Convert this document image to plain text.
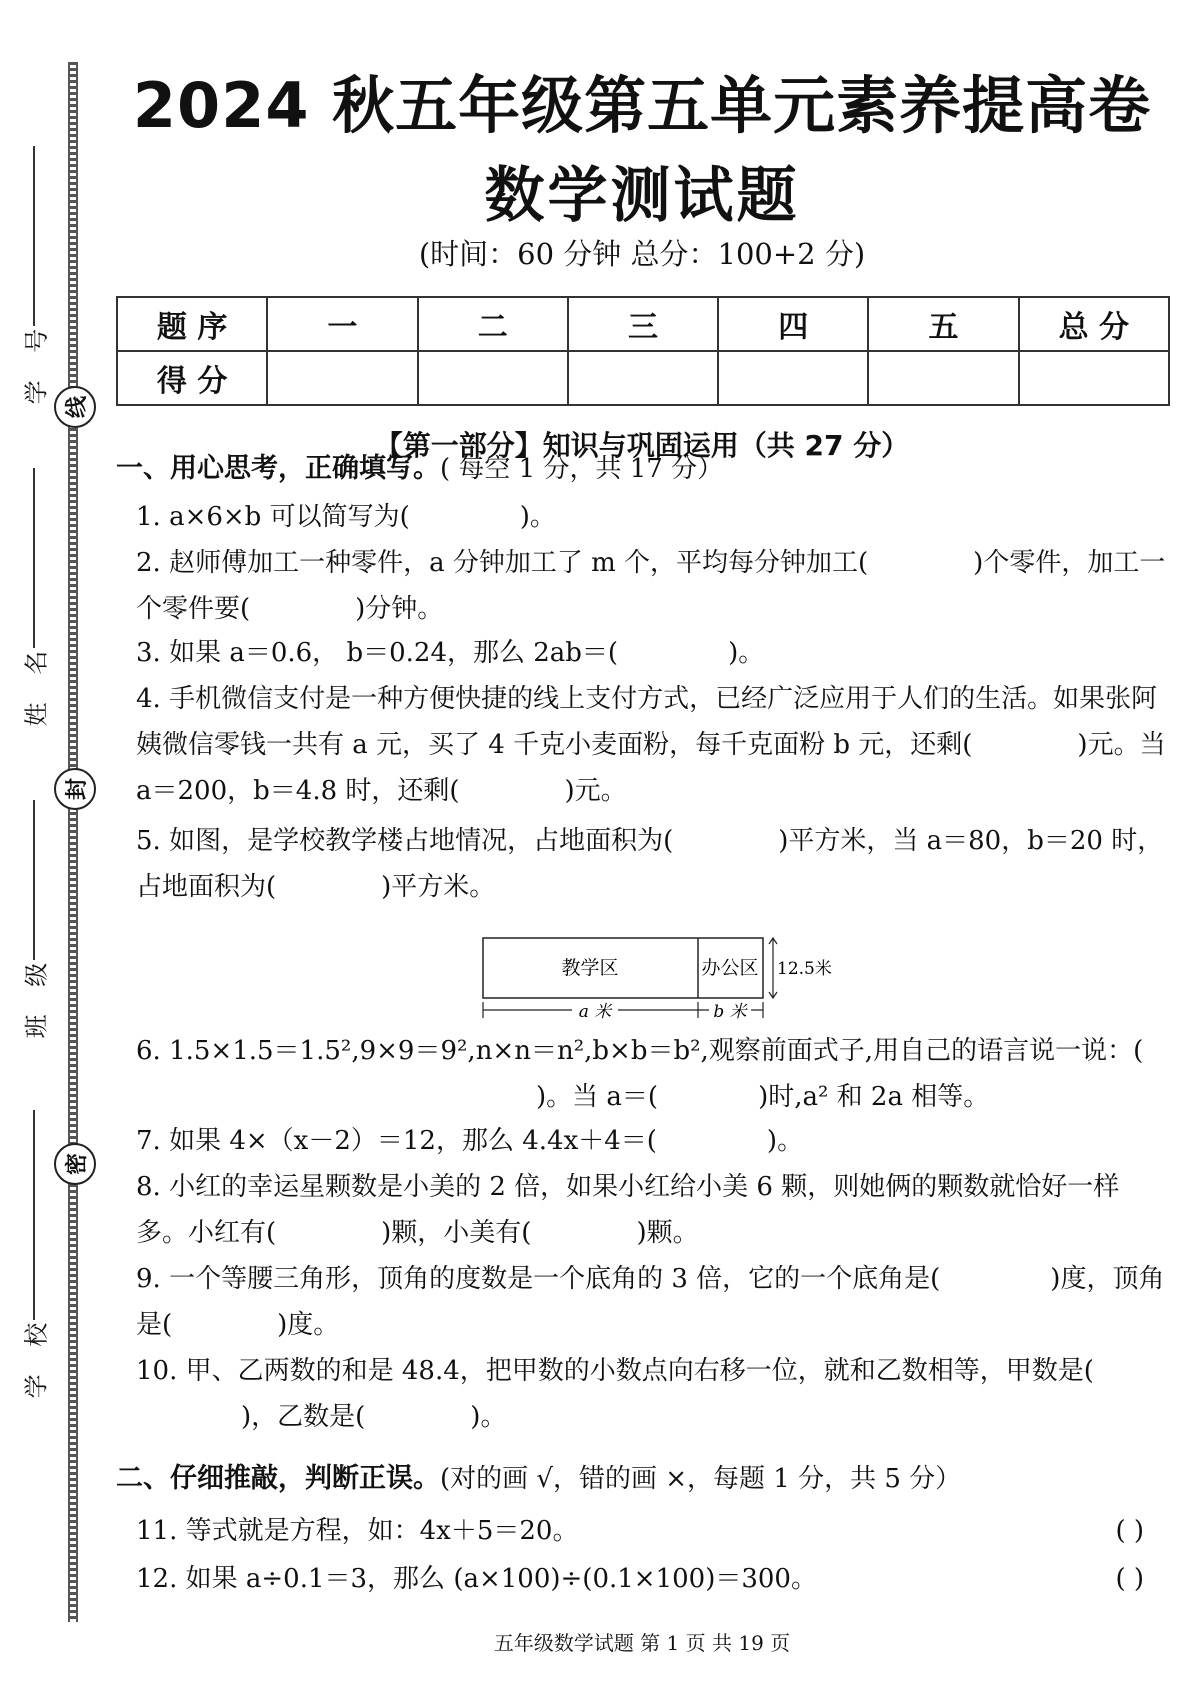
线
封
密
学 号
姓 名
班 级
学 校
2024 秋五年级第五单元素养提高卷
数学测试题
(时间：60 分钟 总分：100+2 分)
题 序	一	二	三	四	五	总 分
得 分						
【第一部分】知识与巩固运用（共 27 分）
一、用心思考，正确填写。( 每空 1 分，共 17 分）
1. a×6×b 可以简写为(	)。
2. 赵师傅加工一种零件，a 分钟加工了 m 个，平均每分钟加工(	)个零件，加工一个零件要(	)分钟。
3. 如果 a＝0.6， b＝0.24，那么 2ab＝(	)。
4. 手机微信支付是一种方便快捷的线上支付方式，已经广泛应用于人们的生活。如果张阿姨微信零钱一共有 a 元，买了 4 千克小麦面粉，每千克面粉 b 元，还剩(	)元。当 a＝200，b＝4.8 时，还剩(	)元。
5. 如图，是学校教学楼占地情况，占地面积为(	)平方米，当 a＝80，b＝20 时，占地面积为(	)平方米。
教学区	办公区 12.5米
a 米	b 米
6. 1.5×1.5＝1.5²,9×9＝9²,n×n＝n²,b×b＝b²,观察前面式子,用自己的语言说一说：()。当 a＝(	)时,a² 和 2a 相等。
7. 如果 4×（x－2）＝12，那么 4.4x＋4＝(	)。
8. 小红的幸运星颗数是小美的 2 倍，如果小红给小美 6 颗，则她俩的颗数就恰好一样多。小红有(	)颗，小美有(	)颗。
9. 一个等腰三角形，顶角的度数是一个底角的 3 倍，它的一个底角是(	)度，顶角是(	)度。
10. 甲、乙两数的和是 48.4，把甲数的小数点向右移一位，就和乙数相等，甲数是()，乙数是(	)。
二、仔细推敲，判断正误。(对的画 √，错的画 ×，每题 1 分，共 5 分）
11. 等式就是方程，如：4x＋5＝20。	( )
12. 如果 a÷0.1＝3，那么 (a×100)÷(0.1×100)＝300。	( )
五年级数学试题 第 1 页 共 19 页
